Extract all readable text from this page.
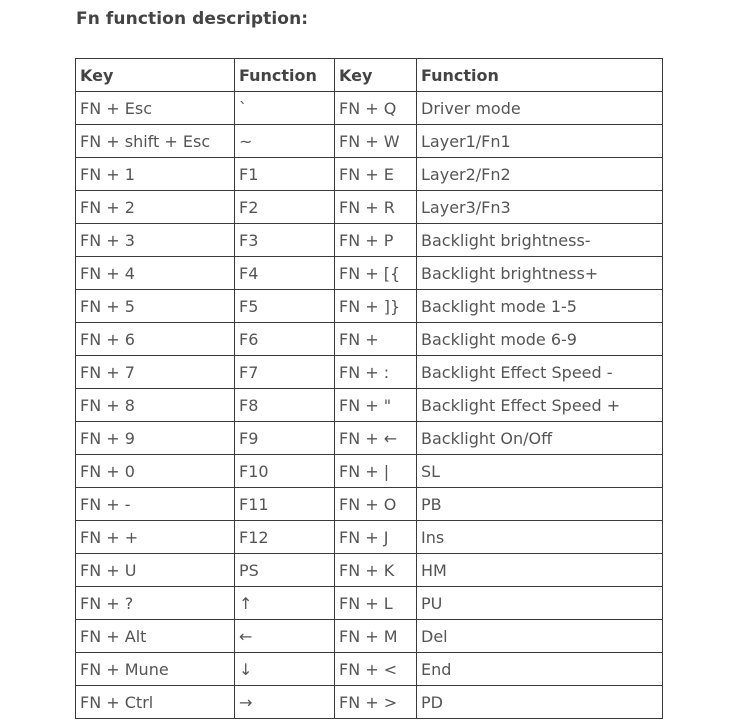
Fn function description:
Key	Function	Key	Function
FN + Esc	`	FN + Q	Driver mode
FN + shift + Esc	~	FN + W	Layer1/Fn1
FN + 1	F1	FN + E	Layer2/Fn2
FN + 2	F2	FN + R	Layer3/Fn3
FN + 3	F3	FN + P	Backlight brightness-
FN + 4	F4	FN + [{	Backlight brightness+
FN + 5	F5	FN + ]}	Backlight mode 1-5
FN + 6	F6	FN +	Backlight mode 6-9
FN + 7	F7	FN + :	Backlight Effect Speed -
FN + 8	F8	FN + "	Backlight Effect Speed +
FN + 9	F9	FN + ←	Backlight On/Off
FN + 0	F10	FN + |	SL
FN + -	F11	FN + O	PB
FN + +	F12	FN + J	Ins
FN + U	PS	FN + K	HM
FN + ?	↑	FN + L	PU
FN + Alt	←	FN + M	Del
FN + Mune	↓	FN + <	End
FN + Ctrl	→	FN + >	PD
